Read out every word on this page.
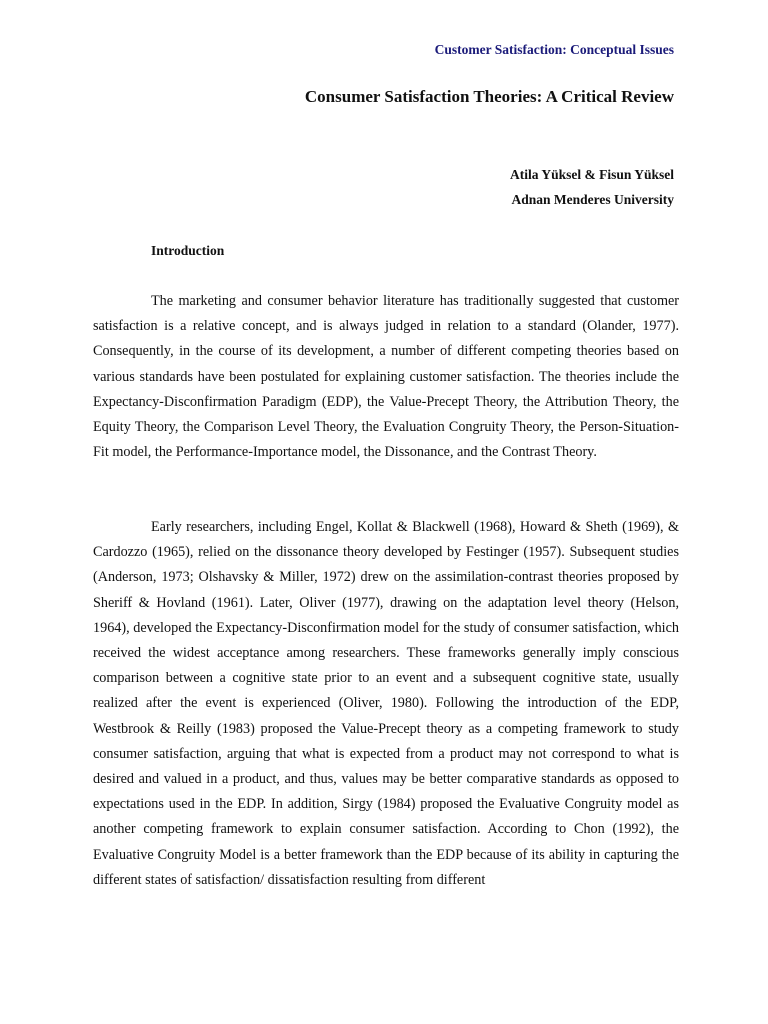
Customer Satisfaction: Conceptual Issues
Consumer Satisfaction Theories: A Critical Review
Atila Yüksel & Fisun Yüksel
Adnan Menderes University
Introduction

The marketing and consumer behavior literature has traditionally suggested that customer satisfaction is a relative concept, and is always judged in relation to a standard (Olander, 1977). Consequently, in the course of its development, a number of different competing theories based on various standards have been postulated for explaining customer satisfaction. The theories include the Expectancy-Disconfirmation Paradigm (EDP), the Value-Precept Theory, the Attribution Theory, the Equity Theory, the Comparison Level Theory, the Evaluation Congruity Theory, the Person-Situation-Fit model, the Performance-Importance model, the Dissonance, and the Contrast Theory.

Early researchers, including Engel, Kollat & Blackwell (1968), Howard & Sheth (1969), & Cardozzo (1965), relied on the dissonance theory developed by Festinger (1957). Subsequent studies (Anderson, 1973; Olshavsky & Miller, 1972) drew on the assimilation-contrast theories proposed by Sheriff & Hovland (1961). Later, Oliver (1977), drawing on the adaptation level theory (Helson, 1964), developed the Expectancy-Disconfirmation model for the study of consumer satisfaction, which received the widest acceptance among researchers. These frameworks generally imply conscious comparison between a cognitive state prior to an event and a subsequent cognitive state, usually realized after the event is experienced (Oliver, 1980). Following the introduction of the EDP, Westbrook & Reilly (1983) proposed the Value-Precept theory as a competing framework to study consumer satisfaction, arguing that what is expected from a product may not correspond to what is desired and valued in a product, and thus, values may be better comparative standards as opposed to expectations used in the EDP. In addition, Sirgy (1984) proposed the Evaluative Congruity model as another competing framework to explain consumer satisfaction. According to Chon (1992), the Evaluative Congruity Model is a better framework than the EDP because of its ability in capturing the different states of satisfaction/ dissatisfaction resulting from different
